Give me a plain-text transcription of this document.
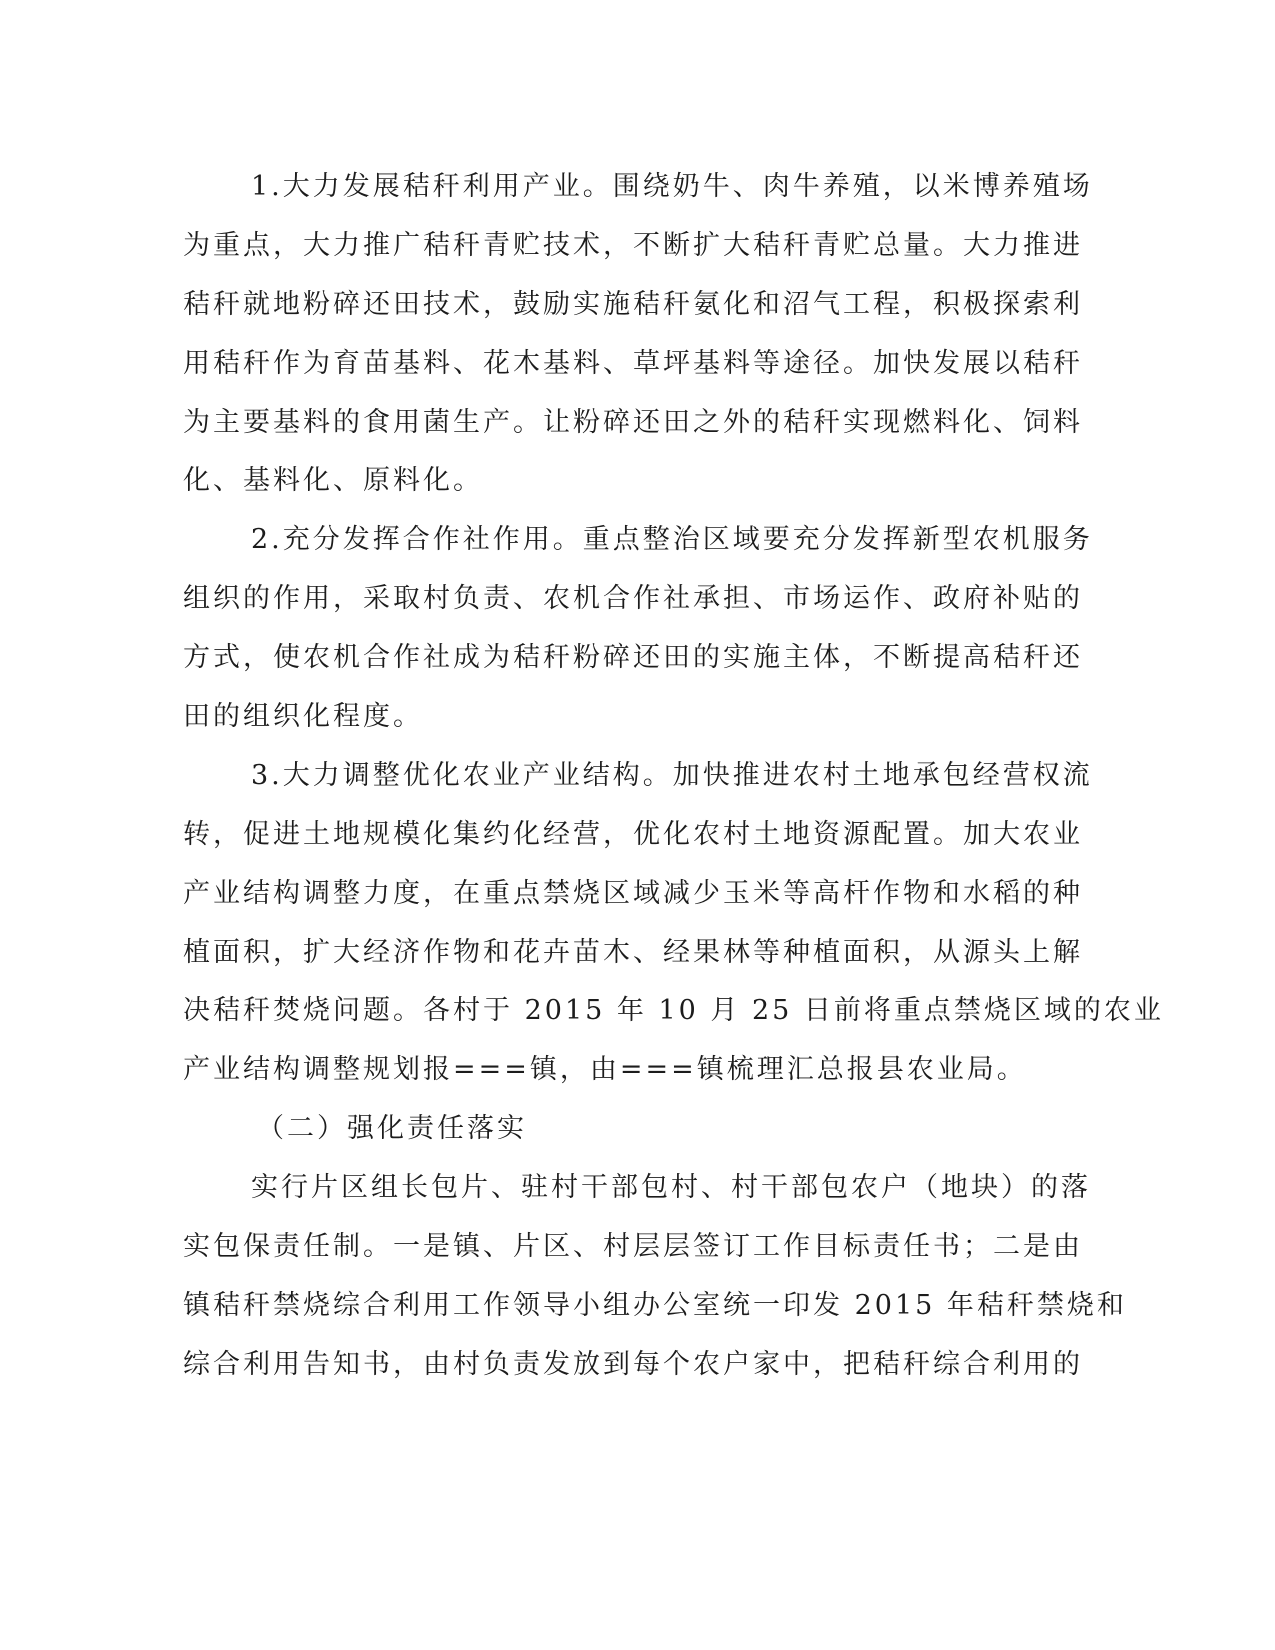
1.大力发展秸秆利用产业。围绕奶牛、肉牛养殖，以米博养殖场
为重点，大力推广秸秆青贮技术，不断扩大秸秆青贮总量。大力推进
秸秆就地粉碎还田技术，鼓励实施秸秆氨化和沼气工程，积极探索利
用秸秆作为育苗基料、花木基料、草坪基料等途径。加快发展以秸秆
为主要基料的食用菌生产。让粉碎还田之外的秸秆实现燃料化、饲料
化、基料化、原料化。
2.充分发挥合作社作用。重点整治区域要充分发挥新型农机服务
组织的作用，采取村负责、农机合作社承担、市场运作、政府补贴的
方式，使农机合作社成为秸秆粉碎还田的实施主体，不断提高秸秆还
田的组织化程度。
3.大力调整优化农业产业结构。加快推进农村土地承包经营权流
转，促进土地规模化集约化经营，优化农村土地资源配置。加大农业
产业结构调整力度，在重点禁烧区域减少玉米等高杆作物和水稻的种
植面积，扩大经济作物和花卉苗木、经果林等种植面积，从源头上解
决秸秆焚烧问题。各村于 2015 年 10 月 25 日前将重点禁烧区域的农业
产业结构调整规划报===镇，由===镇梳理汇总报县农业局。
（二）强化责任落实
实行片区组长包片、驻村干部包村、村干部包农户（地块）的落
实包保责任制。一是镇、片区、村层层签订工作目标责任书；二是由
镇秸秆禁烧综合利用工作领导小组办公室统一印发 2015 年秸秆禁烧和
综合利用告知书，由村负责发放到每个农户家中，把秸秆综合利用的
